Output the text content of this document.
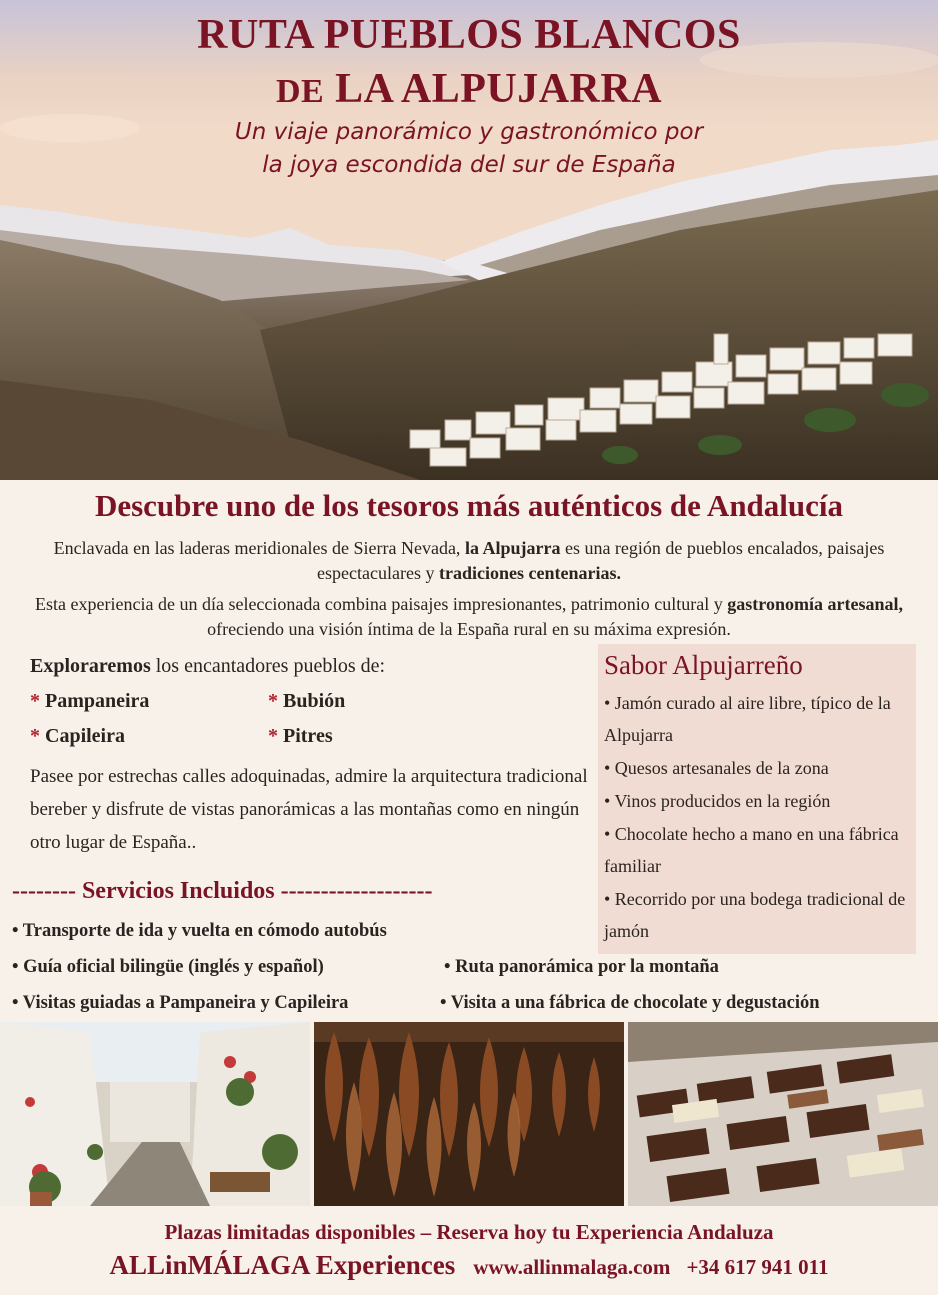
RUTA PUEBLOS BLANCOS
DE LA ALPUJARRA
Un viaje panorámico y gastronómico por
la joya escondida del sur de España
Descubre uno de los tesoros más auténticos de Andalucía

Enclavada en las laderas meridionales de Sierra Nevada, la Alpujarra es una región de pueblos encalados, paisajes espectaculares y tradiciones centenarias.

Esta experiencia de un día seleccionada combina paisajes impresionantes, patrimonio cultural y gastronomía artesanal, ofreciendo una visión íntima de la España rural en su máxima expresión.

Exploraremos los encantadores pueblos de:
* Pampaneira	* Bubión
* Capileira	* Pitres
Pasee por estrechas calles adoquinadas, admire la arquitectura tradicional bereber y disfrute de vistas panorámicas a las montañas como en ningún otro lugar de España..
Sabor Alpujarreño
• Jamón curado al aire libre, típico de la Alpujarra
• Quesos artesanales de la zona
• Vinos producidos en la región
• Chocolate hecho a mano en una fábrica familiar
• Recorrido por una bodega tradicional de jamón
-------- Servicios Incluidos -------------------
• Transporte de ida y vuelta en cómodo autobús
• Guía oficial bilingüe (inglés y español)	• Ruta panorámica por la montaña
• Visitas guiadas a Pampaneira y Capileira	• Visita a una fábrica de chocolate y degustación
Plazas limitadas disponibles – Reserva hoy tu Experiencia Andaluza
ALLinMÁLAGA Experiences www.allinmalaga.com +34 617 941 011
